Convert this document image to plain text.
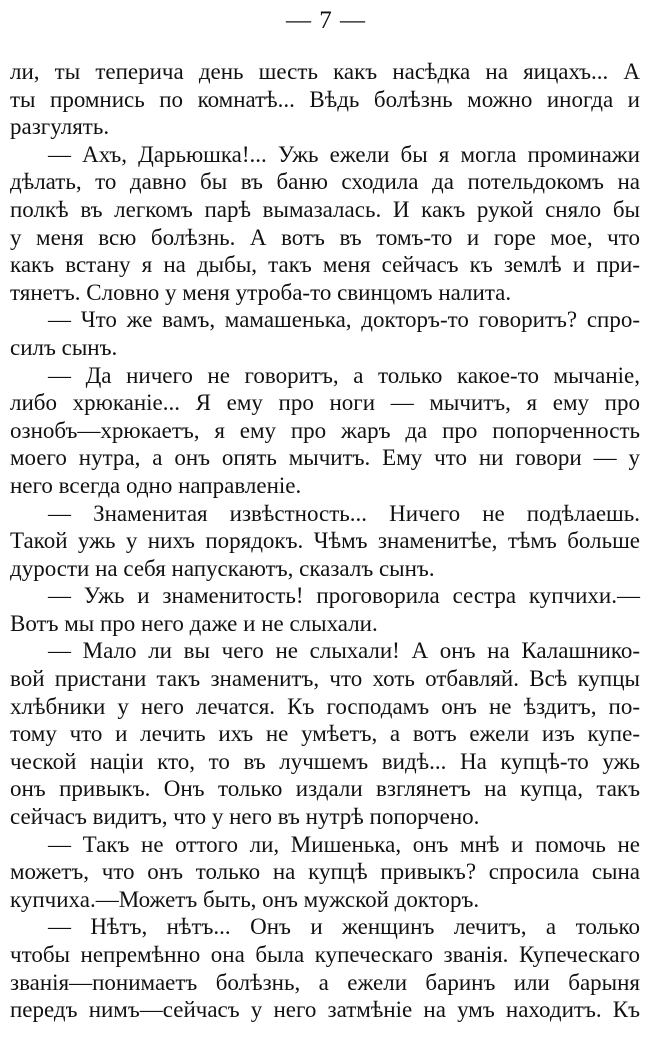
— 7 —
ли, ты теперича день шесть какъ насѣдка на яицахъ... А
ты промнись по комнатѣ... Вѣдь болѣзнь можно иногда и
разгулять.
— Ахъ, Дарьюшка!... Ужь ежели бы я могла проминажи
дѣлать, то давно бы въ баню сходила да потельдокомъ на
полкѣ въ легкомъ парѣ вымазалась. И какъ рукой сняло бы
у меня всю болѣзнь. А вотъ въ томъ-то и горе мое, что
какъ встану я на дыбы, такъ меня сейчасъ къ землѣ и при-
тянетъ. Словно у меня утроба-то свинцомъ налита.
— Что же вамъ, мамашенька, докторъ-то говоритъ? спро-
силъ сынъ.
— Да ничего не говоритъ, а только какое-то мычаніе,
либо хрюканіе... Я ему про ноги — мычитъ, я ему про
ознобъ—хрюкаетъ, я ему про жаръ да про попорченность
моего нутра, а онъ опять мычитъ. Ему что ни говори — у
него всегда одно направленіе.
— Знаменитая извѣстность... Ничего не подѣлаешь.
Такой ужь у нихъ порядокъ. Чѣмъ знаменитѣе, тѣмъ больше
дурости на себя напускаютъ, сказалъ сынъ.
— Ужь и знаменитость! проговорила сестра купчихи.—
Вотъ мы про него даже и не слыхали.
— Мало ли вы чего не слыхали! А онъ на Калашнико-
вой пристани такъ знаменитъ, что хоть отбавляй. Всѣ купцы
хлѣбники у него лечатся. Къ господамъ онъ не ѣздитъ, по-
тому что и лечить ихъ не умѣетъ, а вотъ ежели изъ купе-
ческой націи кто, то въ лучшемъ видѣ... На купцѣ-то ужь
онъ привыкъ. Онъ только издали взглянетъ на купца, такъ
сейчасъ видитъ, что у него въ нутрѣ попорчено.
— Такъ не оттого ли, Мишенька, онъ мнѣ и помочь не
можетъ, что онъ только на купцѣ привыкъ? спросила сына
купчиха.—Можетъ быть, онъ мужской докторъ.
— Нѣтъ, нѣтъ... Онъ и женщинъ лечитъ, а только
чтобы непремѣнно она была купеческаго званія. Купеческаго
званія—понимаетъ болѣзнь, а ежели баринъ или барыня
передъ нимъ—сейчасъ у него затмѣніе на умъ находитъ. Къ
